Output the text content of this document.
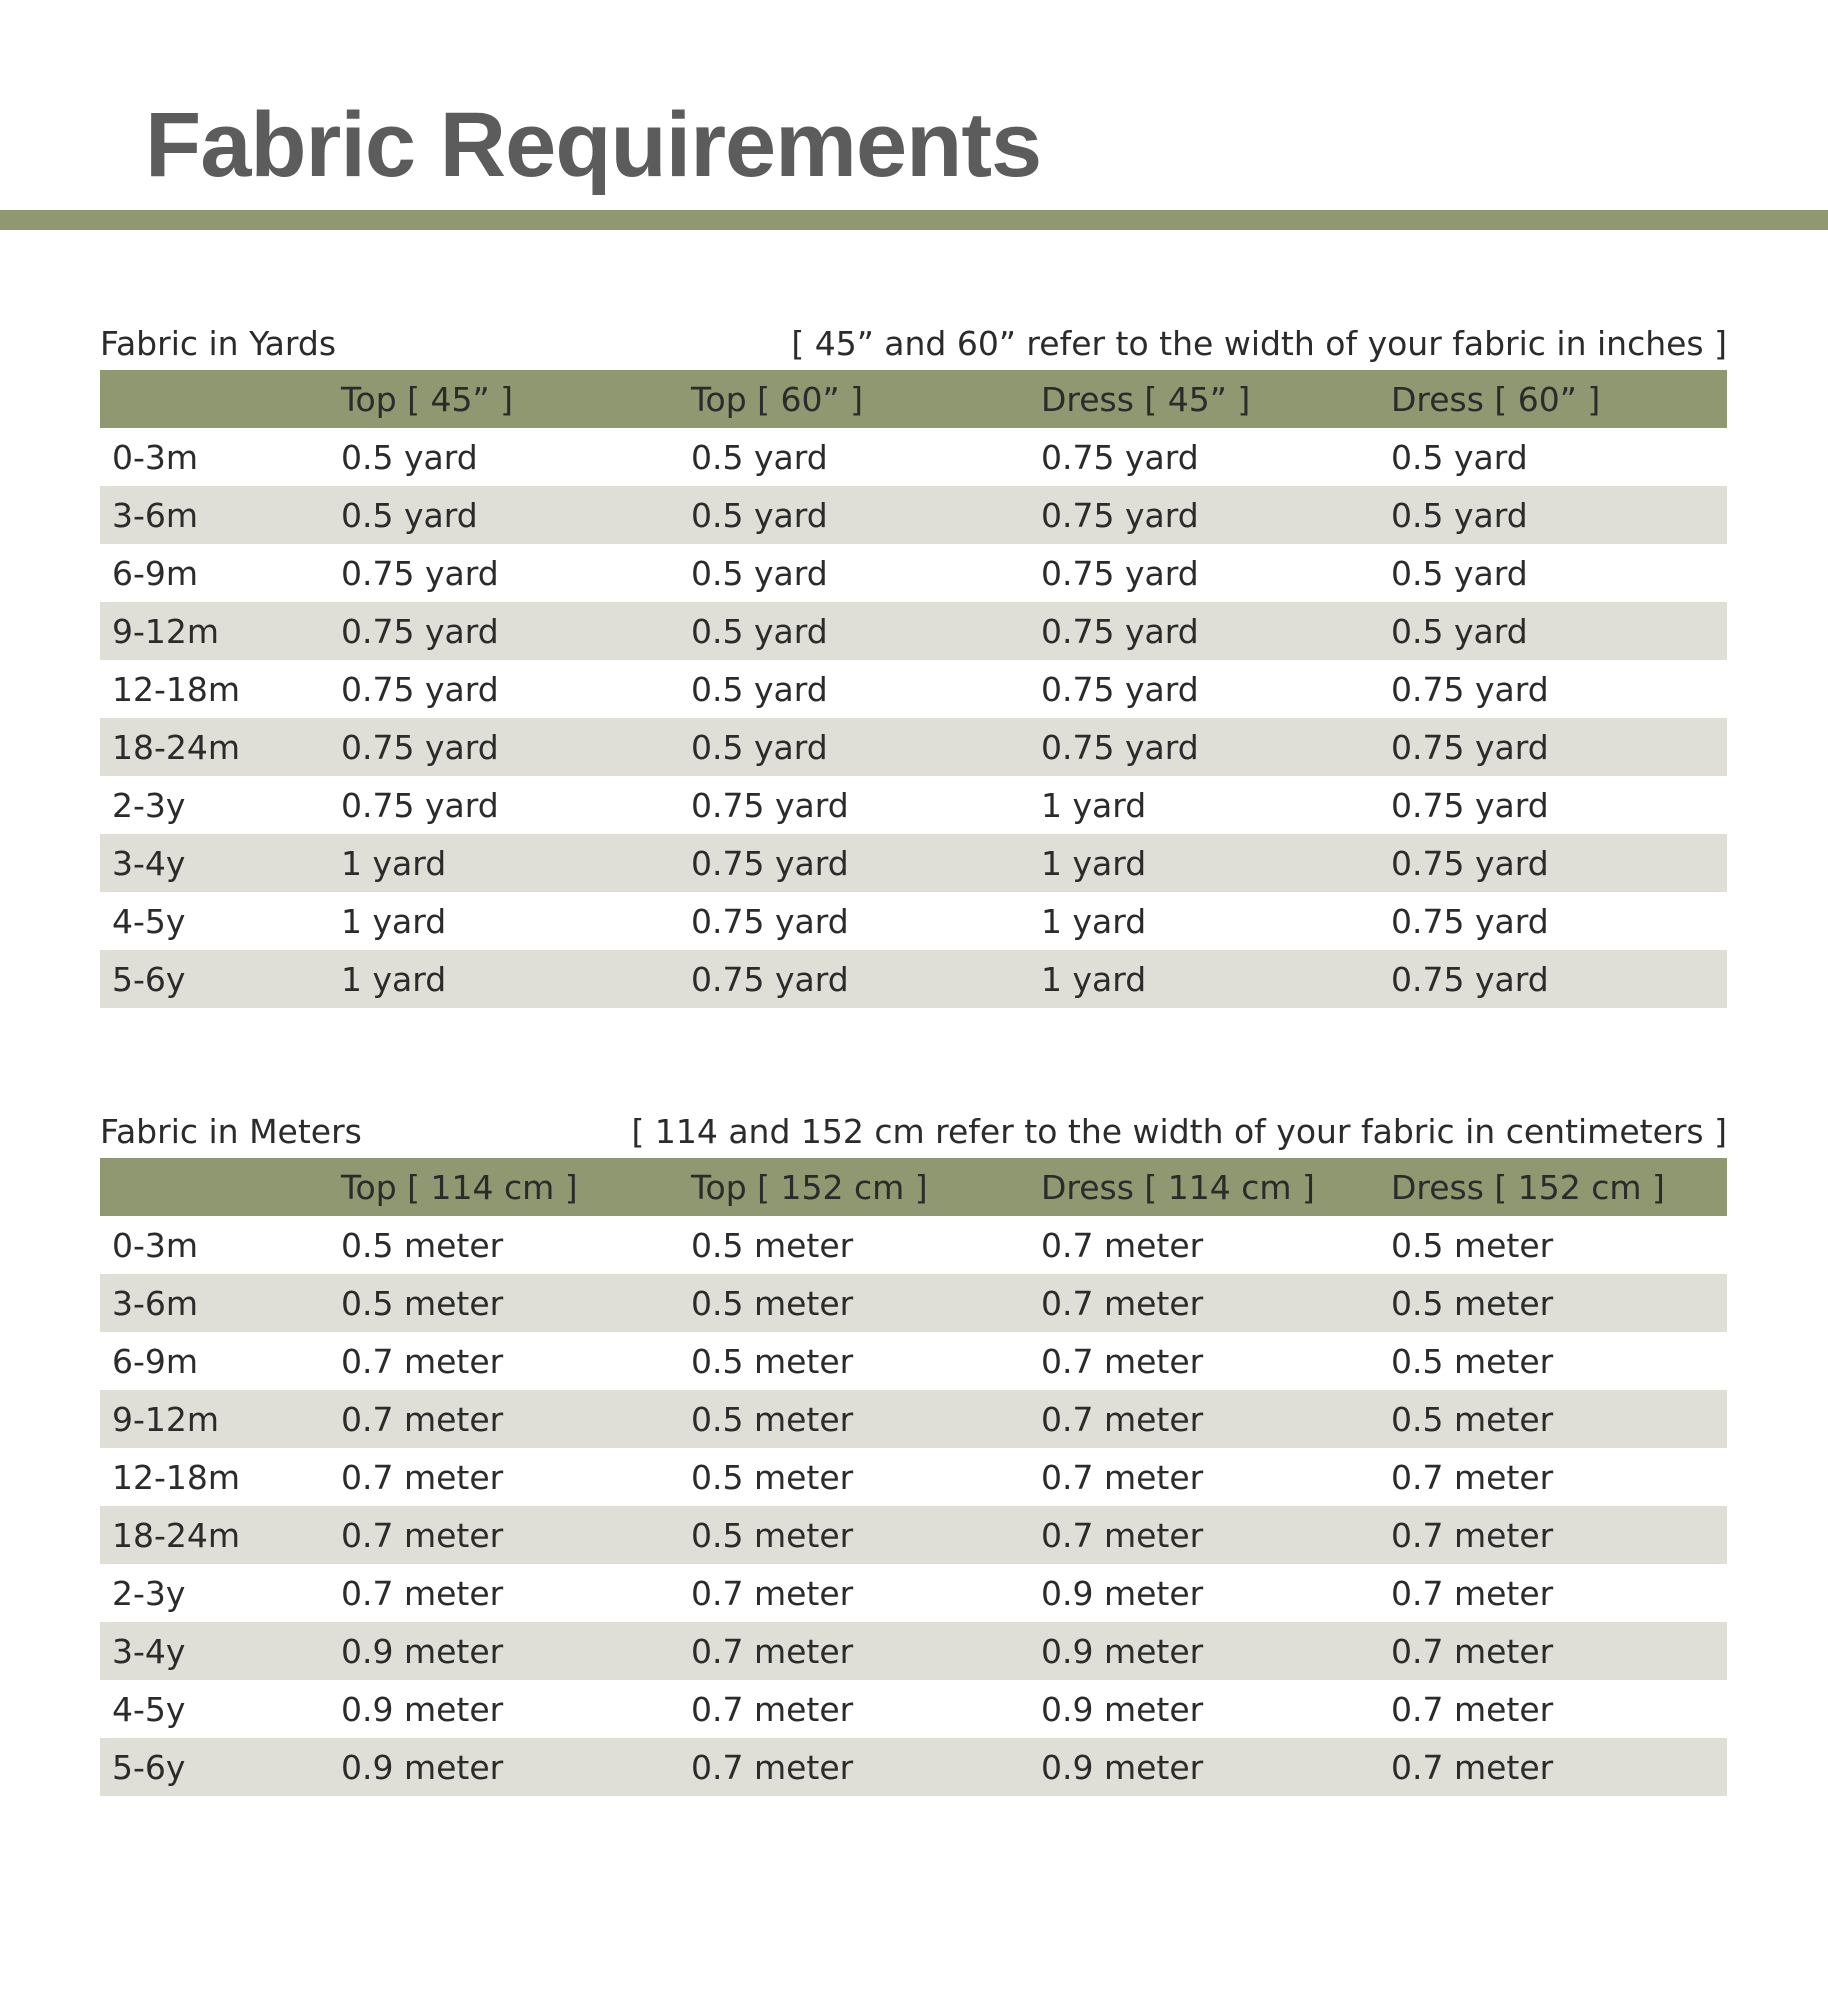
Fabric Requirements
Fabric in Yards	[ 45” and 60” refer to the width of your fabric in inches ]
	Top [ 45” ]	Top [ 60” ]	Dress [ 45” ]	Dress [ 60” ]
0-3m	0.5 yard	0.5 yard	0.75 yard	0.5 yard
3-6m	0.5 yard	0.5 yard	0.75 yard	0.5 yard
6-9m	0.75 yard	0.5 yard	0.75 yard	0.5 yard
9-12m	0.75 yard	0.5 yard	0.75 yard	0.5 yard
12-18m	0.75 yard	0.5 yard	0.75 yard	0.75 yard
18-24m	0.75 yard	0.5 yard	0.75 yard	0.75 yard
2-3y	0.75 yard	0.75 yard	1 yard	0.75 yard
3-4y	1 yard	0.75 yard	1 yard	0.75 yard
4-5y	1 yard	0.75 yard	1 yard	0.75 yard
5-6y	1 yard	0.75 yard	1 yard	0.75 yard
Fabric in Meters	[ 114 and 152 cm refer to the width of your fabric in centimeters ]
	Top [ 114 cm ]	Top [ 152 cm ]	Dress [ 114 cm ]	Dress [ 152 cm ]
0-3m	0.5 meter	0.5 meter	0.7 meter	0.5 meter
3-6m	0.5 meter	0.5 meter	0.7 meter	0.5 meter
6-9m	0.7 meter	0.5 meter	0.7 meter	0.5 meter
9-12m	0.7 meter	0.5 meter	0.7 meter	0.5 meter
12-18m	0.7 meter	0.5 meter	0.7 meter	0.7 meter
18-24m	0.7 meter	0.5 meter	0.7 meter	0.7 meter
2-3y	0.7 meter	0.7 meter	0.9 meter	0.7 meter
3-4y	0.9 meter	0.7 meter	0.9 meter	0.7 meter
4-5y	0.9 meter	0.7 meter	0.9 meter	0.7 meter
5-6y	0.9 meter	0.7 meter	0.9 meter	0.7 meter
